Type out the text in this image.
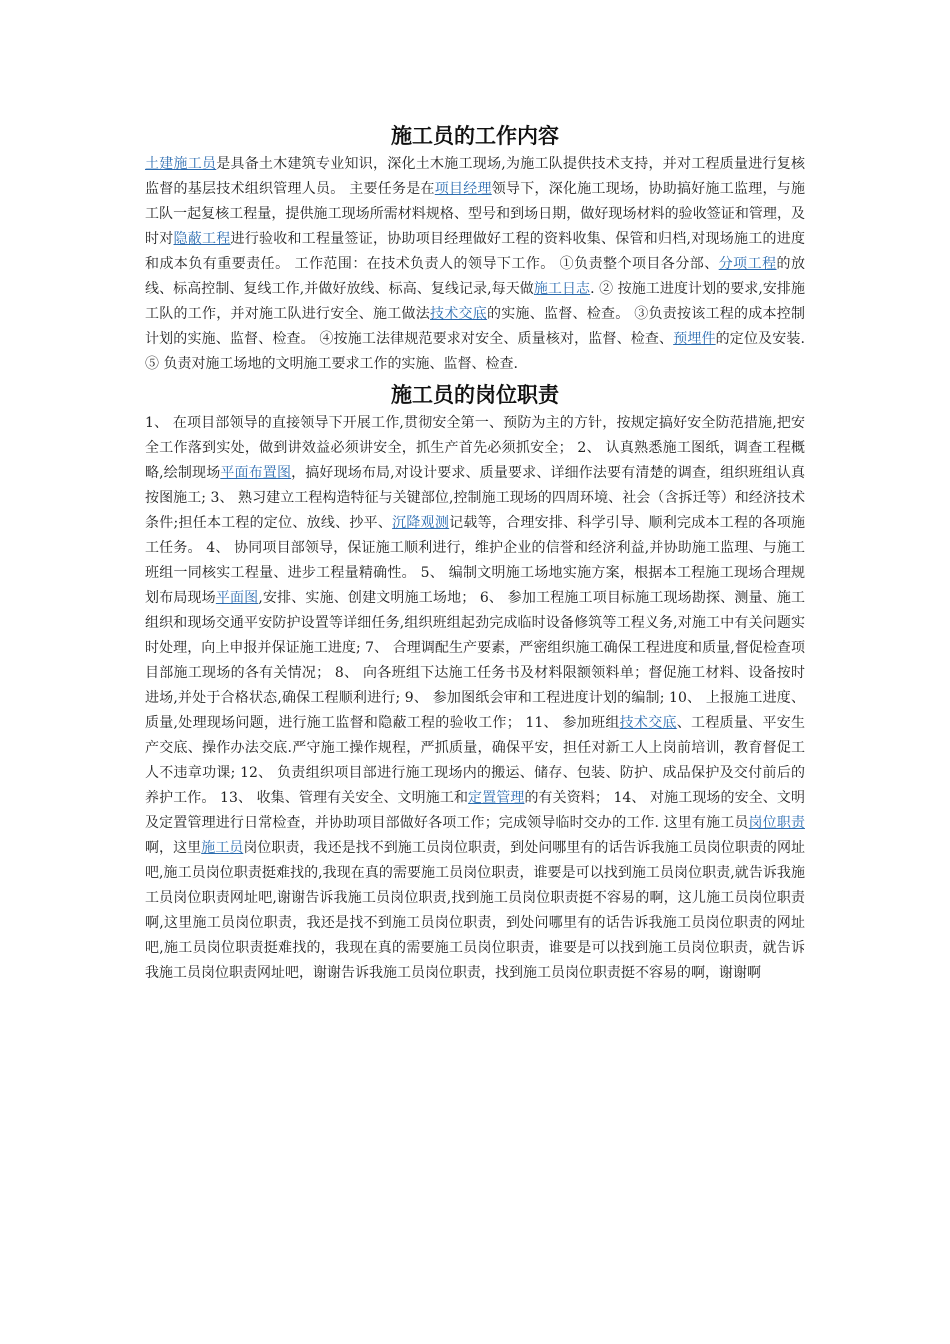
施工员的工作内容

土建施工员是具备土木建筑专业知识，深化土木施工现场,为施工队提供技术支持，并对工程质量进行复核监督的基层技术组织管理人员。 主要任务是在项目经理领导下，深化施工现场，协助搞好施工监理，与施工队一起复核工程量，提供施工现场所需材料规格、型号和到场日期，做好现场材料的验收签证和管理，及时对隐蔽工程进行验收和工程量签证，协助项目经理做好工程的资料收集、保管和归档,对现场施工的进度和成本负有重要责任。 工作范围：在技术负责人的领导下工作。 ①负责整个项目各分部、分项工程的放线、标高控制、复线工作,并做好放线、标高、复线记录,每天做施工日志. ② 按施工进度计划的要求,安排施工队的工作，并对施工队进行安全、施工做法技术交底的实施、监督、检查。 ③负责按该工程的成本控制计划的实施、监督、检查。 ④按施工法律规范要求对安全、质量核对，监督、检查、预埋件的定位及安装. ⑤ 负责对施工场地的文明施工要求工作的实施、监督、检查.

施工员的岗位职责

1、 在项目部领导的直接领导下开展工作,贯彻安全第一、预防为主的方针，按规定搞好安全防范措施,把安全工作落到实处，做到讲效益必须讲安全，抓生产首先必须抓安全； 2、 认真熟悉施工图纸，调查工程概略,绘制现场平面布置图，搞好现场布局,对设计要求、质量要求、详细作法要有清楚的调查，组织班组认真按图施工; 3、 熟习建立工程构造特征与关键部位,控制施工现场的四周环境、社会（含拆迁等）和经济技术条件;担任本工程的定位、放线、抄平、沉降观测记载等，合理安排、科学引导、顺利完成本工程的各项施工任务。 4、 协同项目部领导，保证施工顺利进行，维护企业的信誉和经济利益,并协助施工监理、与施工班组一同核实工程量、进步工程量精确性。 5、 编制文明施工场地实施方案，根据本工程施工现场合理规划布局现场平面图,安排、实施、创建文明施工场地； 6、 参加工程施工项目标施工现场勘探、测量、施工组织和现场交通平安防护设置等详细任务,组织班组起劲完成临时设备修筑等工程义务,对施工中有关问题实时处理，向上申报并保证施工进度; 7、 合理调配生产要素，严密组织施工确保工程进度和质量,督促检查项目部施工现场的各有关情况； 8、 向各班组下达施工任务书及材料限额领料单；督促施工材料、设备按时进场,并处于合格状态,确保工程顺利进行; 9、 参加图纸会审和工程进度计划的编制; 10、 上报施工进度、质量,处理现场问题，进行施工监督和隐蔽工程的验收工作； 11、 参加班组技术交底、工程质量、平安生产交底、操作办法交底.严守施工操作规程，严抓质量，确保平安，担任对新工人上岗前培训，教育督促工人不违章功课; 12、 负责组织项目部进行施工现场内的搬运、储存、包装、防护、成品保护及交付前后的养护工作。 13、 收集、管理有关安全、文明施工和定置管理的有关资料； 14、 对施工现场的安全、文明及定置管理进行日常检查，并协助项目部做好各项工作；完成领导临时交办的工作. 这里有施工员岗位职责啊，这里施工员岗位职责，我还是找不到施工员岗位职责，到处问哪里有的话告诉我施工员岗位职责的网址吧,施工员岗位职责挺难找的,我现在真的需要施工员岗位职责，谁要是可以找到施工员岗位职责,就告诉我施工员岗位职责网址吧,谢谢告诉我施工员岗位职责,找到施工员岗位职责挺不容易的啊，这儿施工员岗位职责啊,这里施工员岗位职责，我还是找不到施工员岗位职责，到处问哪里有的话告诉我施工员岗位职责的网址吧,施工员岗位职责挺难找的，我现在真的需要施工员岗位职责，谁要是可以找到施工员岗位职责，就告诉我施工员岗位职责网址吧，谢谢告诉我施工员岗位职责，找到施工员岗位职责挺不容易的啊，谢谢啊
